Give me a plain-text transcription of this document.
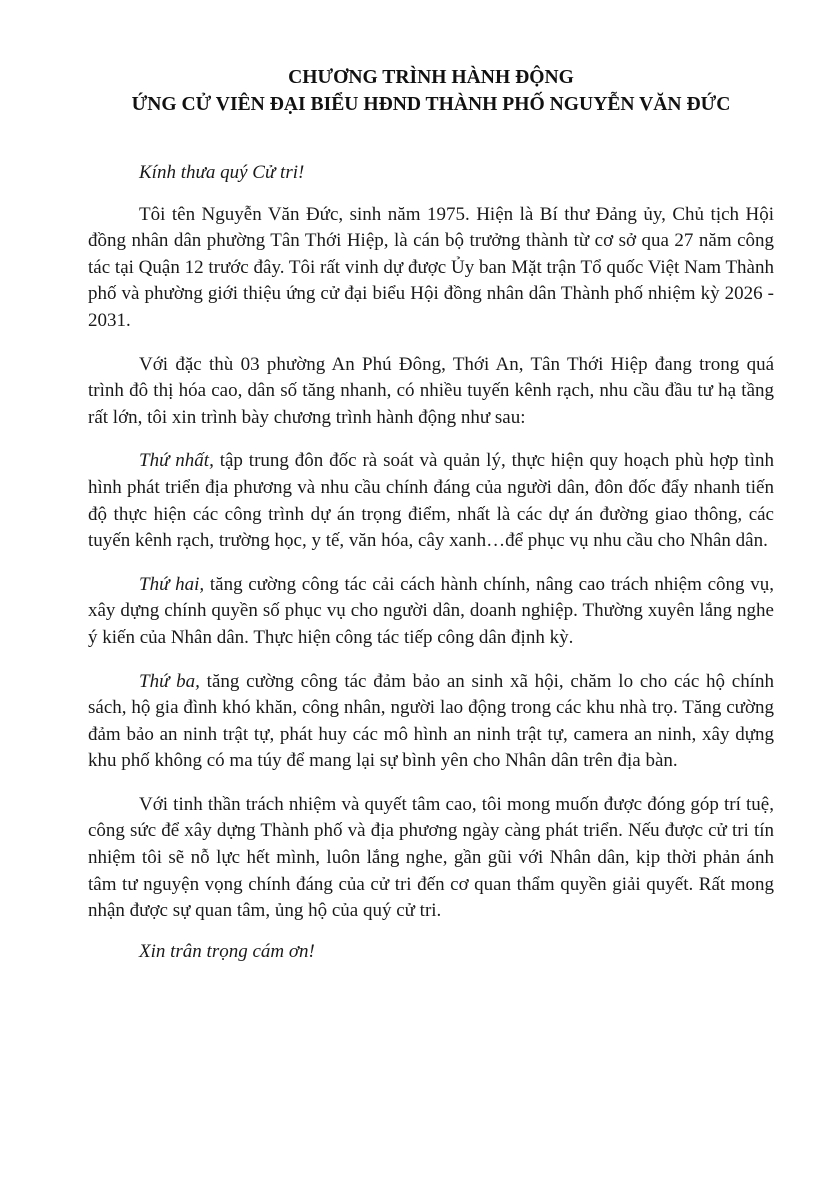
CHƯƠNG TRÌNH HÀNH ĐỘNG
ỨNG CỬ VIÊN ĐẠI BIỂU HĐND THÀNH PHỐ NGUYỄN VĂN ĐỨC

Kính thưa quý Cử tri!

Tôi tên Nguyễn Văn Đức, sinh năm 1975. Hiện là Bí thư Đảng ủy, Chủ tịch Hội đồng nhân dân phường Tân Thới Hiệp, là cán bộ trưởng thành từ cơ sở qua 27 năm công tác tại Quận 12 trước đây. Tôi rất vinh dự được Ủy ban Mặt trận Tổ quốc Việt Nam Thành phố và phường giới thiệu ứng cử đại biểu Hội đồng nhân dân Thành phố nhiệm kỳ 2026 - 2031.

Với đặc thù 03 phường An Phú Đông, Thới An, Tân Thới Hiệp đang trong quá trình đô thị hóa cao, dân số tăng nhanh, có nhiều tuyến kênh rạch, nhu cầu đầu tư hạ tầng rất lớn, tôi xin trình bày chương trình hành động như sau:

Thứ nhất, tập trung đôn đốc rà soát và quản lý, thực hiện quy hoạch phù hợp tình hình phát triển địa phương và nhu cầu chính đáng của người dân, đôn đốc đẩy nhanh tiến độ thực hiện các công trình dự án trọng điểm, nhất là các dự án đường giao thông, các tuyến kênh rạch, trường học, y tế, văn hóa, cây xanh…để phục vụ nhu cầu cho Nhân dân.

Thứ hai, tăng cường công tác cải cách hành chính, nâng cao trách nhiệm công vụ, xây dựng chính quyền số phục vụ cho người dân, doanh nghiệp. Thường xuyên lắng nghe ý kiến của Nhân dân. Thực hiện công tác tiếp công dân định kỳ.

Thứ ba, tăng cường công tác đảm bảo an sinh xã hội, chăm lo cho các hộ chính sách, hộ gia đình khó khăn, công nhân, người lao động trong các khu nhà trọ. Tăng cường đảm bảo an ninh trật tự, phát huy các mô hình an ninh trật tự, camera an ninh, xây dựng khu phố không có ma túy để mang lại sự bình yên cho Nhân dân trên địa bàn.

Với tinh thần trách nhiệm và quyết tâm cao, tôi mong muốn được đóng góp trí tuệ, công sức để xây dựng Thành phố và địa phương ngày càng phát triển. Nếu được cử tri tín nhiệm tôi sẽ nỗ lực hết mình, luôn lắng nghe, gần gũi với Nhân dân, kịp thời phản ánh tâm tư nguyện vọng chính đáng của cử tri đến cơ quan thẩm quyền giải quyết. Rất mong nhận được sự quan tâm, ủng hộ của quý cử tri.

Xin trân trọng cám ơn!
